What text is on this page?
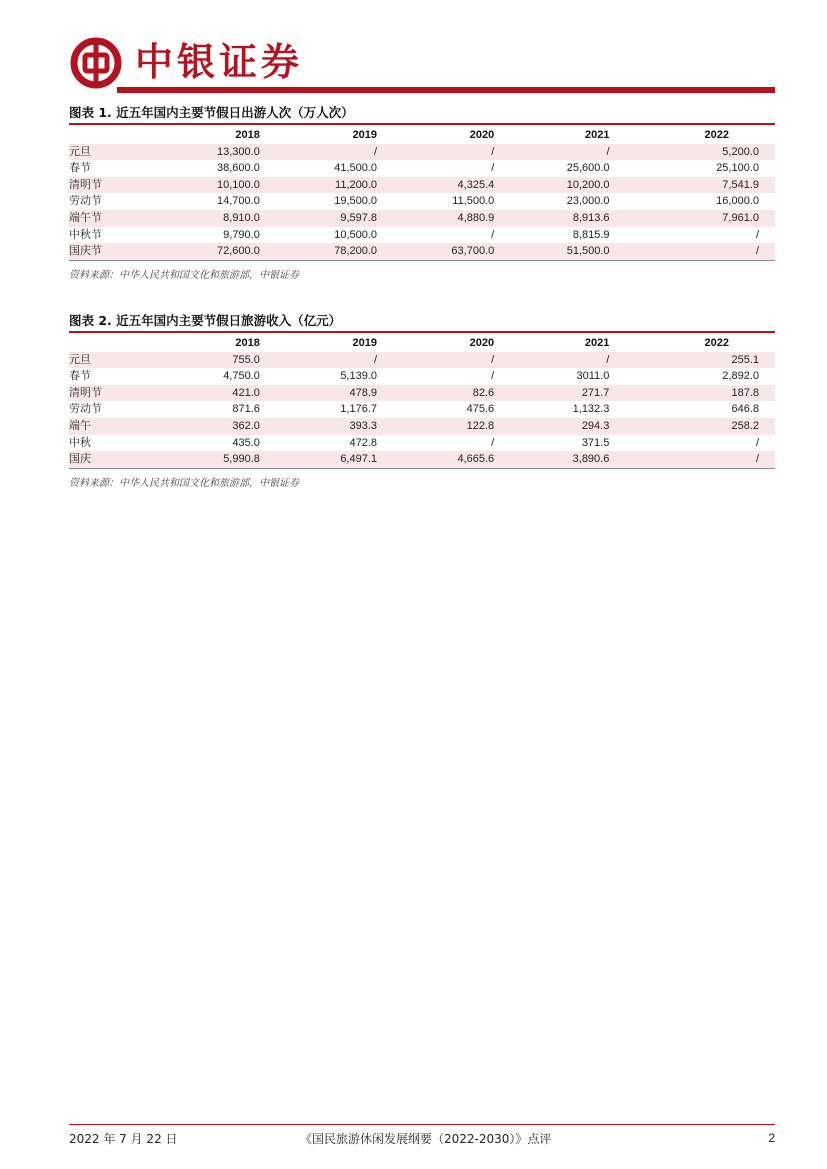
中银证券
图表 1. 近五年国内主要节假日出游人次（万人次）
	2018	2019	2020	2021	2022
元旦	13,300.0	/	/	/	5,200.0
春节	38,600.0	41,500.0	/	25,600.0	25,100.0
清明节	10,100.0	11,200.0	4,325.4	10,200.0	7,541.9
劳动节	14,700.0	19,500.0	11,500.0	23,000.0	16,000.0
端午节	8,910.0	9,597.8	4,880.9	8,913.6	7,961.0
中秋节	9,790.0	10,500.0	/	8,815.9	/
国庆节	72,600.0	78,200.0	63,700.0	51,500.0	/
资料来源：中华人民共和国文化和旅游部，中银证券
图表 2. 近五年国内主要节假日旅游收入（亿元）
	2018	2019	2020	2021	2022
元旦	755.0	/	/	/	255.1
春节	4,750.0	5,139.0	/	3011.0	2,892.0
清明节	421.0	478.9	82.6	271.7	187.8
劳动节	871.6	1,176.7	475.6	1,132.3	646.8
端午	362.0	393.3	122.8	294.3	258.2
中秋	435.0	472.8	/	371.5	/
国庆	5,990.8	6,497.1	4,665.6	3,890.6	/
资料来源：中华人民共和国文化和旅游部，中银证券
2022 年 7 月 22 日	《国民旅游休闲发展纲要（2022-2030）》点评	2
